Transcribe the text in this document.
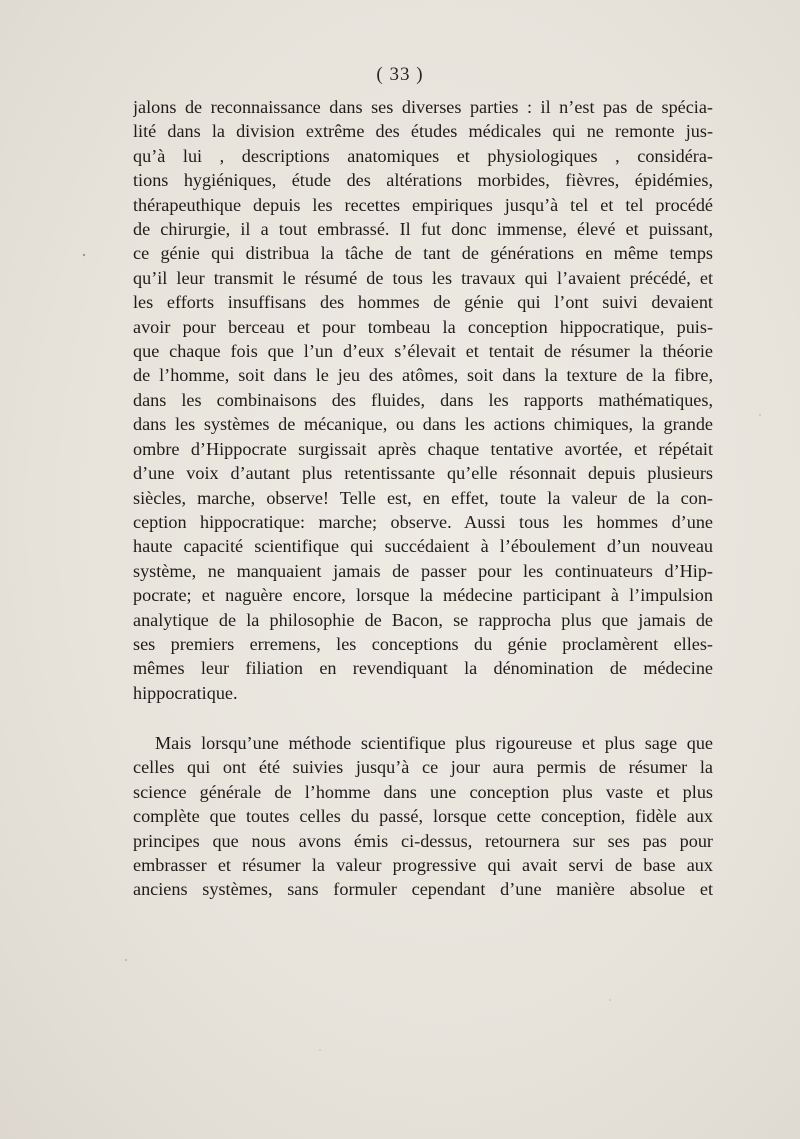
( 33 )
jalons de reconnaissance dans ses diverses parties : il n’est pas de spécia-
lité dans la division extrême des études médicales qui ne remonte jus-
qu’à lui , descriptions anatomiques et physiologiques , considéra-
tions hygiéniques, étude des altérations morbides, fièvres, épidémies,
thérapeuthique depuis les recettes empiriques jusqu’à tel et tel procédé
de chirurgie, il a tout embrassé. Il fut donc immense, élevé et puissant,
ce génie qui distribua la tâche de tant de générations en même temps
qu’il leur transmit le résumé de tous les travaux qui l’avaient précédé, et
les efforts insuffisans des hommes de génie qui l’ont suivi devaient
avoir pour berceau et pour tombeau la conception hippocratique, puis-
que chaque fois que l’un d’eux s’élevait et tentait de résumer la théorie
de l’homme, soit dans le jeu des atômes, soit dans la texture de la fibre,
dans les combinaisons des fluides, dans les rapports mathématiques,
dans les systèmes de mécanique, ou dans les actions chimiques, la grande
ombre d’Hippocrate surgissait après chaque tentative avortée, et répétait
d’une voix d’autant plus retentissante qu’elle résonnait depuis plusieurs
siècles, marche, observe! Telle est, en effet, toute la valeur de la con-
ception hippocratique: marche; observe. Aussi tous les hommes d’une
haute capacité scientifique qui succédaient à l’éboulement d’un nouveau
système, ne manquaient jamais de passer pour les continuateurs d’Hip-
pocrate; et naguère encore, lorsque la médecine participant à l’impulsion
analytique de la philosophie de Bacon, se rapprocha plus que jamais de
ses premiers erremens, les conceptions du génie proclamèrent elles-
mêmes leur filiation en revendiquant la dénomination de médecine
hippocratique.
Mais lorsqu’une méthode scientifique plus rigoureuse et plus sage que
celles qui ont été suivies jusqu’à ce jour aura permis de résumer la
science générale de l’homme dans une conception plus vaste et plus
complète que toutes celles du passé, lorsque cette conception, fidèle aux
principes que nous avons émis ci-dessus, retournera sur ses pas pour
embrasser et résumer la valeur progressive qui avait servi de base aux
anciens systèmes, sans formuler cependant d’une manière absolue et
